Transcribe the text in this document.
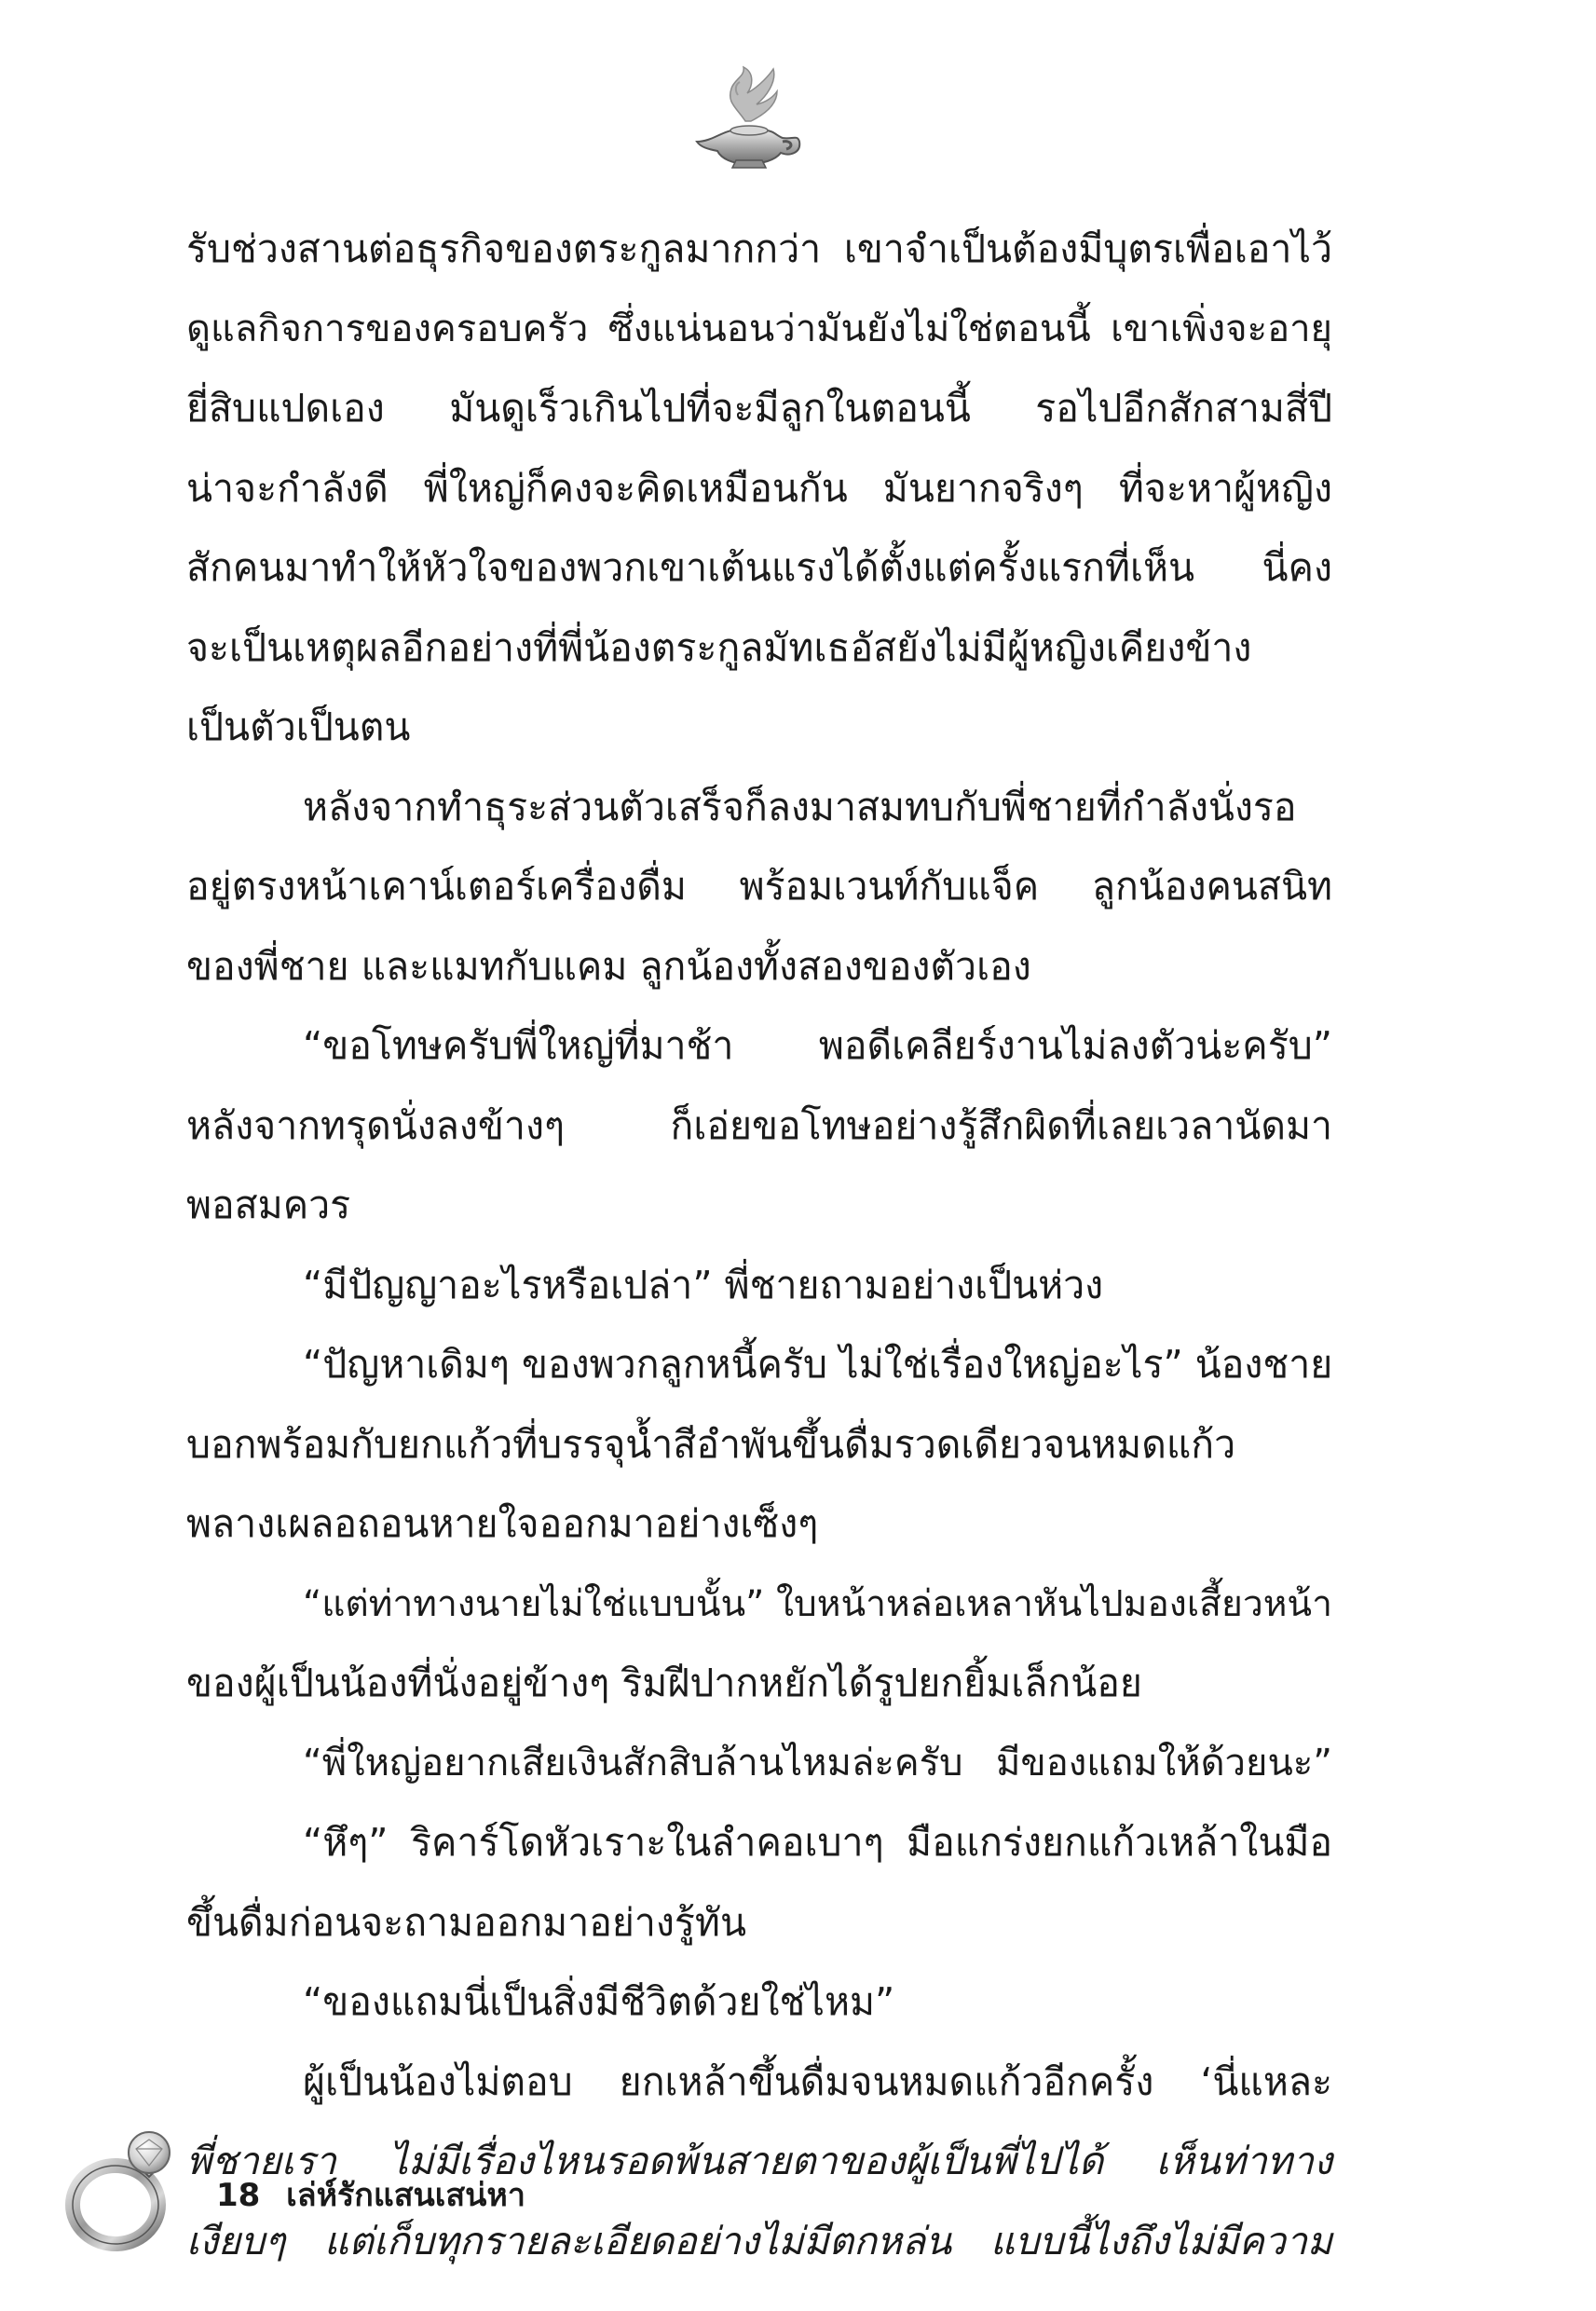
รับช่วงสานต่อธุรกิจของตระกูลมากกว่า เขาจำเป็นต้องมีบุตรเพื่อเอาไว้
ดูแลกิจการของครอบครัว ซึ่งแน่นอนว่ามันยังไม่ใช่ตอนนี้ เขาเพิ่งจะอายุ
ยี่สิบแปดเอง มันดูเร็วเกินไปที่จะมีลูกในตอนนี้ รอไปอีกสักสามสี่ปี
น่าจะกำลังดี พี่ใหญ่ก็คงจะคิดเหมือนกัน มันยากจริงๆ ที่จะหาผู้หญิง
สักคนมาทำให้หัวใจของพวกเขาเต้นแรงได้ตั้งแต่ครั้งแรกที่เห็น นี่คง
จะเป็นเหตุผลอีกอย่างที่พี่น้องตระกูลมัทเธอัสยังไม่มีผู้หญิงเคียงข้าง
เป็นตัวเป็นตน
หลังจากทำธุระส่วนตัวเสร็จก็ลงมาสมทบกับพี่ชายที่กำลังนั่งรอ
อยู่ตรงหน้าเคาน์เตอร์เครื่องดื่ม พร้อมเวนท์กับแจ็ค ลูกน้องคนสนิท
ของพี่ชาย และแมทกับแคม ลูกน้องทั้งสองของตัวเอง
“ขอโทษครับพี่ใหญ่ที่มาช้า พอดีเคลียร์งานไม่ลงตัวน่ะครับ”
หลังจากทรุดนั่งลงข้างๆ ก็เอ่ยขอโทษอย่างรู้สึกผิดที่เลยเวลานัดมา
พอสมควร
“มีปัญญาอะไรหรือเปล่า” พี่ชายถามอย่างเป็นห่วง
“ปัญหาเดิมๆ ของพวกลูกหนี้ครับ ไม่ใช่เรื่องใหญ่อะไร” น้องชาย
บอกพร้อมกับยกแก้วที่บรรจุน้ำสีอำพันขึ้นดื่มรวดเดียวจนหมดแก้ว
พลางเผลอถอนหายใจออกมาอย่างเซ็งๆ
“แต่ท่าทางนายไม่ใช่แบบนั้น” ใบหน้าหล่อเหลาหันไปมองเสี้ยวหน้า
ของผู้เป็นน้องที่นั่งอยู่ข้างๆ ริมฝีปากหยักได้รูปยกยิ้มเล็กน้อย
“พี่ใหญ่อยากเสียเงินสักสิบล้านไหมล่ะครับ มีของแถมให้ด้วยนะ”
“หึๆ” ริคาร์โดหัวเราะในลำคอเบาๆ มือแกร่งยกแก้วเหล้าในมือ
ขึ้นดื่มก่อนจะถามออกมาอย่างรู้ทัน
“ของแถมนี่เป็นสิ่งมีชีวิตด้วยใช่ไหม”
ผู้เป็นน้องไม่ตอบ ยกเหล้าขึ้นดื่มจนหมดแก้วอีกครั้ง ‘นี่แหละ
พี่ชายเรา ไม่มีเรื่องไหนรอดพ้นสายตาของผู้เป็นพี่ไปได้ เห็นท่าทาง
เงียบๆ แต่เก็บทุกรายละเอียดอย่างไม่มีตกหล่น แบบนี้ไงถึงไม่มีความ
18 เล่ห์รักแสนเสน่หา
